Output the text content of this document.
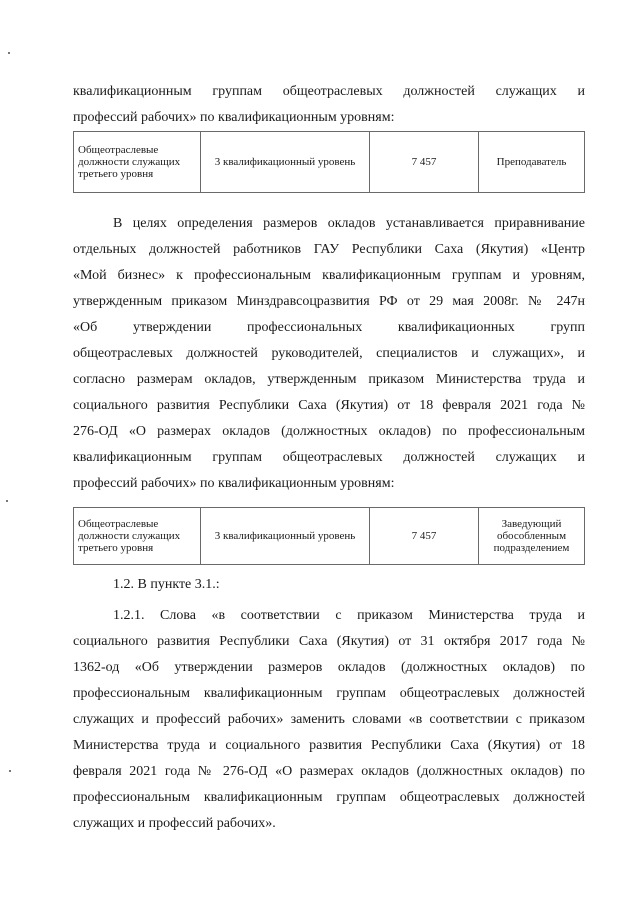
квалификационным группам общеотраслевых должностей служащих и
профессий рабочих» по квалификационным уровням:
Общеотраслевые должности служащих третьего уровня	3 квалификационный уровень	7 457	Преподаватель
В целях определения размеров окладов устанавливается приравнивание
отдельных должностей работников ГАУ Республики Саха (Якутия) «Центр
«Мой бизнес» к профессиональным квалификационным группам и уровням,
утвержденным приказом Минздравсоцразвития РФ от 29 мая 2008г. № 247н
«Об утверждении профессиональных квалификационных групп
общеотраслевых должностей руководителей, специалистов и служащих», и
согласно размерам окладов, утвержденным приказом Министерства труда и
социального развития Республики Саха (Якутия) от 18 февраля 2021 года №
276-ОД «О размерах окладов (должностных окладов) по профессиональным
квалификационным группам общеотраслевых должностей служащих и
профессий рабочих» по квалификационным уровням:
Общеотраслевые должности служащих третьего уровня	3 квалификационный уровень	7 457	Заведующий обособленным подразделением
1.2. В пункте 3.1.:
1.2.1. Слова «в соответствии с приказом Министерства труда и
социального развития Республики Саха (Якутия) от 31 октября 2017 года №
1362-од «Об утверждении размеров окладов (должностных окладов) по
профессиональным квалификационным группам общеотраслевых должностей
служащих и профессий рабочих» заменить словами «в соответствии с приказом
Министерства труда и социального развития Республики Саха (Якутия) от 18
февраля 2021 года № 276-ОД «О размерах окладов (должностных окладов) по
профессиональным квалификационным группам общеотраслевых должностей
служащих и профессий рабочих».
